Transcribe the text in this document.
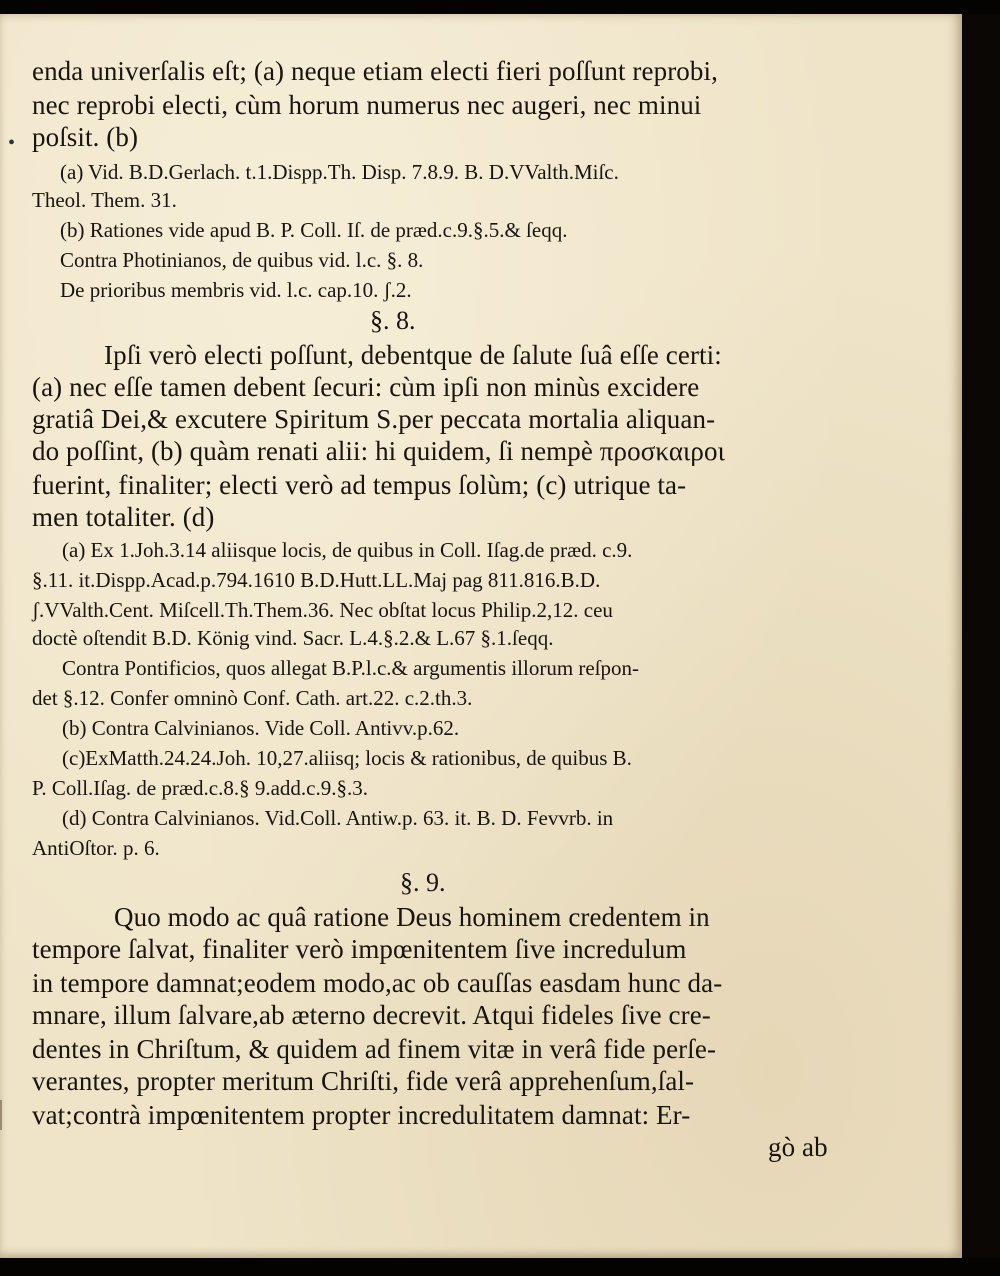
•
enda univerſalis eſt; (a) neque etiam electi fieri poſſunt reprobi,
nec reprobi electi, cùm horum numerus nec augeri, nec minui
poſsit. (b)
(a) Vid. B.D.Gerlach. t.1.Dispp.Th. Disp. 7.8.9. B. D.VValth.Miſc.
Theol. Them. 31.
(b) Rationes vide apud B. P. Coll. Iſ. de præd.c.9.§.5.& ſeqq.
Contra Photinianos, de quibus vid. l.c. §. 8.
De prioribus membris vid. l.c. cap.10. ʃ.2.
§. 8.
Ipſi verò electi poſſunt, debentque de ſalute ſuâ eſſe certi:
(a) nec eſſe tamen debent ſecuri: cùm ipſi non minùs excidere
gratiâ Dei,& excutere Spiritum S.per peccata mortalia aliquan-
do poſſint, (b) quàm renati alii: hi quidem, ſi nempè προσκαιροι
fuerint, finaliter; electi verò ad tempus ſolùm; (c) utrique ta-
men totaliter. (d)
(a) Ex 1.Joh.3.14 aliisque locis, de quibus in Coll. Iſag.de præd. c.9.
§.11. it.Dispp.Acad.p.794.1610 B.D.Hutt.LL.Maj pag 811.816.B.D.
ʃ.VValth.Cent. Miſcell.Th.Them.36. Nec obſtat locus Philip.2,12. ceu
doctè oſtendit B.D. König vind. Sacr. L.4.§.2.& L.67 §.1.ſeqq.
Contra Pontificios, quos allegat B.P.l.c.& argumentis illorum reſpon-
det §.12. Confer omninò Conf. Cath. art.22. c.2.th.3.
(b) Contra Calvinianos. Vide Coll. Antivv.p.62.
(c)ExMatth.24.24.Joh. 10,27.aliisq; locis & rationibus, de quibus B.
P. Coll.Iſag. de præd.c.8.§ 9.add.c.9.§.3.
(d) Contra Calvinianos. Vid.Coll. Antiw.p. 63. it. B. D. Fevvrb. in
AntiOſtor. p. 6.
§. 9.
Quo modo ac quâ ratione Deus hominem credentem in
tempore ſalvat, finaliter verò impœnitentem ſive incredulum
in tempore damnat;eodem modo,ac ob cauſſas easdam hunc da-
mnare, illum ſalvare,ab æterno decrevit. Atqui fideles ſive cre-
dentes in Chriſtum, & quidem ad finem vitæ in verâ fide perſe-
verantes, propter meritum Chriſti, fide verâ apprehenſum,ſal-
vat;contrà impœnitentem propter incredulitatem damnat: Er-
gò ab
